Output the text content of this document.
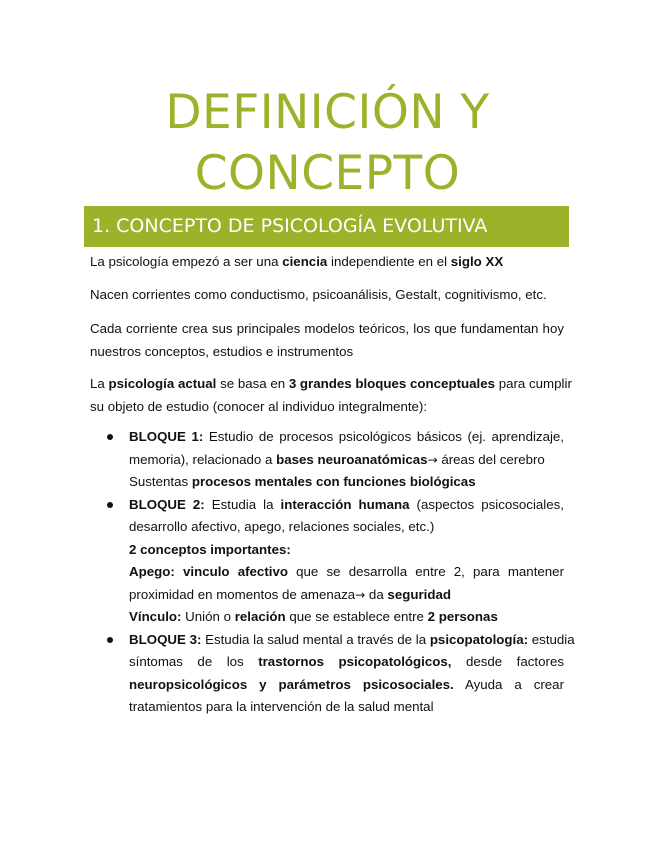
DEFINICIÓN Y
CONCEPTO
1. CONCEPTO DE PSICOLOGÍA EVOLUTIVA

La psicología empezó a ser una ciencia independiente en el siglo XX

Nacen corrientes como conductismo, psicoanálisis, Gestalt, cognitivismo, etc.

Cada corriente crea sus principales modelos teóricos, los que fundamentan hoy nuestros conceptos, estudios e instrumentos

La psicología actual se basa en 3 grandes bloques conceptuales para cumplir
su objeto de estudio (conocer al individuo integralmente):

BLOQUE 1: Estudio de procesos psicológicos básicos (ej. aprendizaje,
memoria), relacionado a bases neuroanatómicas→ áreas del cerebro
Sustentas procesos mentales con funciones biológicas
BLOQUE 2: Estudia la interacción humana (aspectos psicosociales,
desarrollo afectivo, apego, relaciones sociales, etc.)
2 conceptos importantes:
Apego: vinculo afectivo que se desarrolla entre 2, para mantener
proximidad en momentos de amenaza→ da seguridad
Vínculo: Unión o relación que se establece entre 2 personas
BLOQUE 3: Estudia la salud mental a través de la psicopatología: estudia
síntomas de los trastornos psicopatológicos, desde factores
neuropsicológicos y parámetros psicosociales. Ayuda a crear
tratamientos para la intervención de la salud mental
